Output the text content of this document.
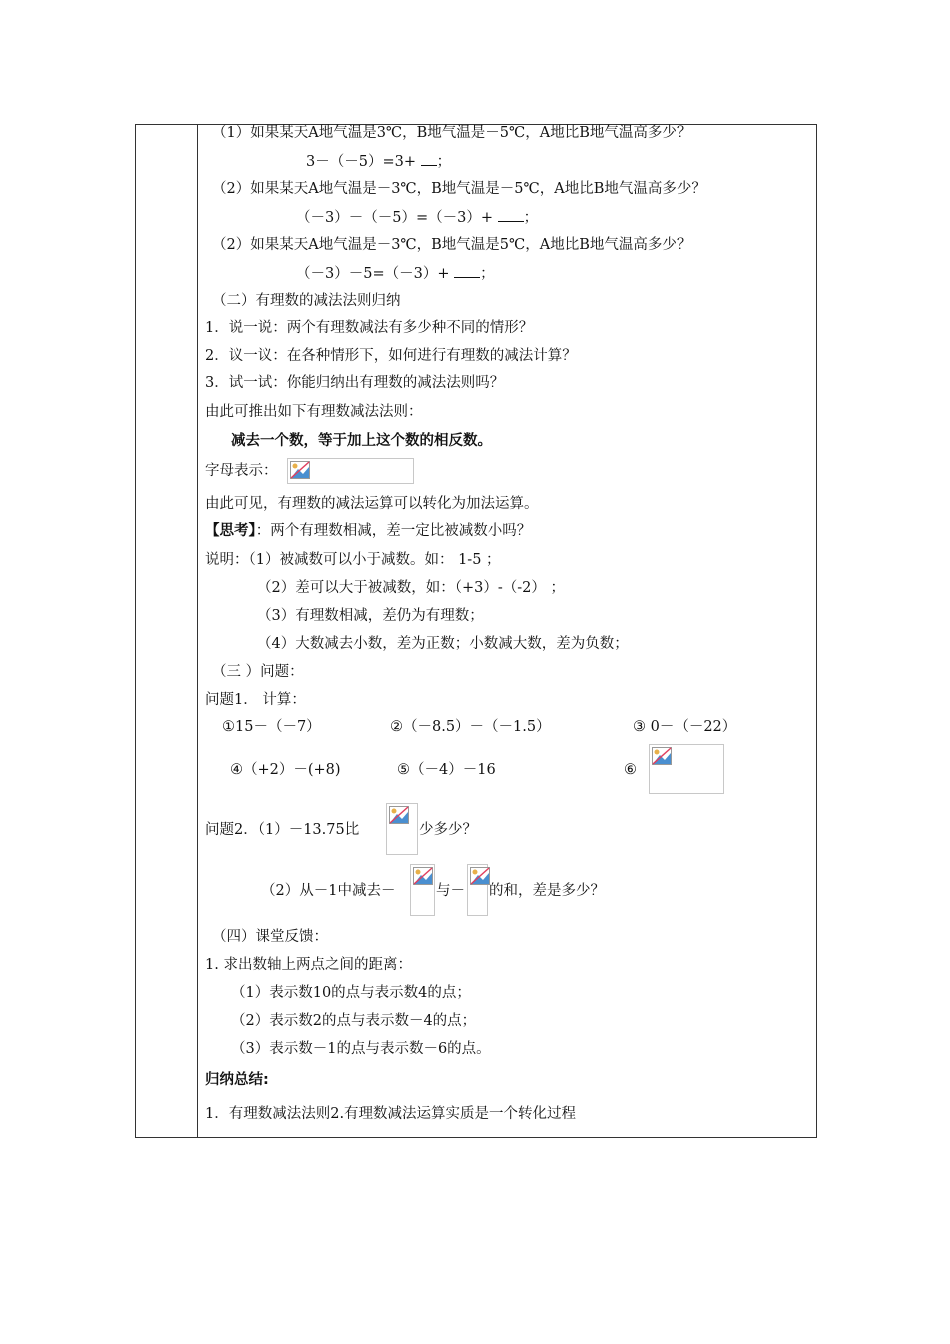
（1）如果某天A地气温是3℃，B地气温是－5℃，A地比B地气温高多少？
3－（－5）=3+ ；
（2）如果某天A地气温是－3℃，B地气温是－5℃，A地比B地气温高多少？
（－3）－（－5）=（－3）+ ；
（2）如果某天A地气温是－3℃，B地气温是5℃，A地比B地气温高多少？
（－3）－5=（－3）+ ；
（二）有理数的减法法则归纳
1．说一说：两个有理数减法有多少种不同的情形？
2．议一议：在各种情形下，如何进行有理数的减法计算？
3．试一试：你能归纳出有理数的减法法则吗？
由此可推出如下有理数减法法则：
减去一个数，等于加上这个数的相反数。
字母表示：
由此可见，有理数的减法运算可以转化为加法运算。
【思考】：两个有理数相减，差一定比被减数小吗？
说明：（1）被减数可以小于减数。如： 1-5 ；
（2）差可以大于被减数，如：（+3）-（-2） ；
（3）有理数相减，差仍为有理数；
（4）大数减去小数，差为正数；小数减大数，差为负数；
（三 ）问题：
问题1． 计算：
①15－（－7）	②（－8.5）－（－1.5）	③ 0－（－22）
④（+2）－(+8)	⑤（－4）－16	⑥
问题2．（1）－13.75比	少多少？
（2）从－1中减去－	与－ 的和，差是多少？
（四）课堂反馈：
1. 求出数轴上两点之间的距离：
（1）表示数10的点与表示数4的点；
（2）表示数2的点与表示数－4的点；
（3）表示数－1的点与表示数－6的点。
归纳总结:
1．有理数减法法则2.有理数减法运算实质是一个转化过程
